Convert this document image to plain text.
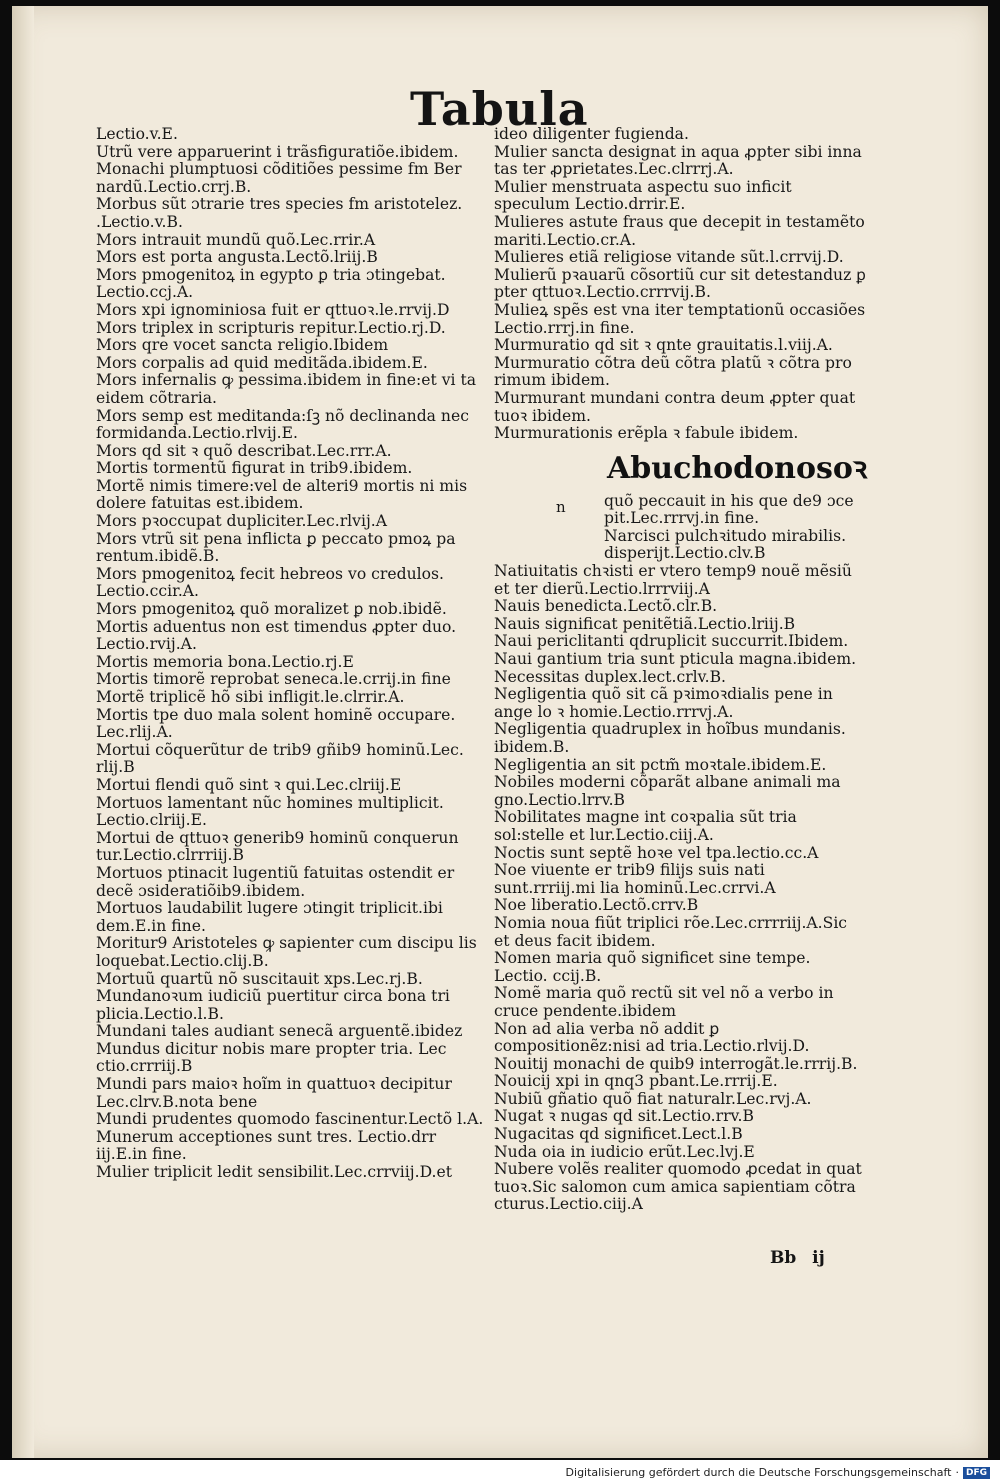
Tabula

Lectio.v.E.

Utrũ vere apparuerint i trãsfiguratiõe.ibidem.

Monachi plumptuosi cõditiões pessime fm Ber nardũ.Lectio.crrj.B.

Morbus sũt ɔtrarie tres species fm aristotelez.

.Lectio.v.B.

Mors intrauit mundũ quõ.Lec.rrir.A

Mors est porta angusta.Lectõ.lriij.B

Mors pmogenitoꝝ in egypto ꝑ tria ɔtingebat. Lectio.ccj.A.

Mors xpi ignominiosa fuit er qttuoꝛ.le.rrvij.D

Mors triplex in scripturis repitur.Lectio.rj.D.

Mors qre vocet sancta religio.Ibidem

Mors corpalis ad quid meditãda.ibidem.E.

Mors infernalis ꝙ pessima.ibidem in fine:et vi ta eidem cõtraria.

Mors semp est meditanda:ſꝫ nõ declinanda nec formidanda.Lectio.rlvij.E.

Mors qd sit ꝛ quõ describat.Lec.rrr.A.

Mortis tormentũ figurat in trib9.ibidem.

Mortẽ nimis timere:vel de alteri9 mortis ni mis dolere fatuitas est.ibidem.

Mors pꝛoccupat dupliciter.Lec.rlvij.A

Mors vtrũ sit pena inflicta ꝑ peccato pmoꝝ pa rentum.ibidẽ.B.

Mors pmogenitoꝝ fecit hebreos vo credulos. Lectio.ccir.A.

Mors pmogenitoꝝ quõ moralizet ꝑ nob.ibidẽ.

Mortis aduentus non est timendus ꝓpter duo. Lectio.rvij.A.

Mortis memoria bona.Lectio.rj.E

Mortis timorẽ reprobat seneca.le.crrij.in fine

Mortẽ triplicẽ hõ sibi infligit.le.clrrir.A.

Mortis tpe duo mala solent hominẽ occupare. Lec.rlij.A.

Mortui cõquerũtur de trib9 gñib9 hominũ.Lec. rlij.B

Mortui flendi quõ sint ꝛ qui.Lec.clriij.E

Mortuos lamentant nũc homines multiplicit. Lectio.clriij.E.

Mortui de qttuoꝛ generib9 hominũ conquerun tur.Lectio.clrrriij.B

Mortuos ptinacit lugentiũ fatuitas ostendit er decẽ ɔsideratiõib9.ibidem.

Mortuos laudabilit lugere ɔtingit triplicit.ibi dem.E.in fine.

Moritur9 Aristoteles ꝙ sapienter cum discipu lis loquebat.Lectio.clij.B.

Mortuũ quartũ nõ suscitauit xps.Lec.rj.B.

Mundanoꝛum iudiciũ puertitur circa bona tri plicia.Lectio.l.B.

Mundani tales audiant senecã arguentẽ.ibidez

Mundus dicitur nobis mare propter tria. Lec ctio.crrriij.B

Mundi pars maioꝛ hoĩm in quattuoꝛ decipitur Lec.clrv.B.nota bene

Mundi prudentes quomodo fascinentur.Lectõ l.A.

Munerum acceptiones sunt tres. Lectio.drr iij.E.in fine.

Mulier triplicit ledit sensibilit.Lec.crrviij.D.et

ideo diligenter fugienda.

Mulier sancta designat in aqua ꝓpter sibi inna tas ter ꝓprietates.Lec.clrrrj.A.

Mulier menstruata aspectu suo inficit speculum Lectio.drrir.E.

Mulieres astute fraus que decepit in testamẽto mariti.Lectio.cr.A.

Mulieres etiã religiose vitande sũt.l.crrvij.D.

Mulierũ pꝛauarũ cõsortiũ cur sit detestanduz ꝑ pter qttuoꝛ.Lectio.crrrvij.B.

Mulieꝝ spẽs est vna iter temptationũ occasiões Lectio.rrrj.in fine.

Murmuratio qd sit ꝛ qnte grauitatis.l.viij.A.

Murmuratio cõtra deũ cõtra platũ ꝛ cõtra pro rimum ibidem.

Murmurant mundani contra deum ꝓpter quat tuoꝛ ibidem.

Murmurationis erẽpla ꝛ fabule ibidem.

Abuchodonosoꝛ
n quõ peccauit in his que de9 ɔce pit.Lec.rrrvj.in fine.

Narcisci pulchꝛitudo mirabilis. disperijt.Lectio.clv.B

Natiuitatis chꝛisti er vtero temp9 nouẽ mẽsiũ et ter dierũ.Lectio.lrrrviij.A

Nauis benedicta.Lectõ.clr.B.

Nauis significat penitẽtiã.Lectio.lriij.B

Naui periclitanti qdruplicit succurrit.Ibidem.

Naui gantium tria sunt pticula magna.ibidem.

Necessitas duplex.lect.crlv.B.

Negligentia quõ sit cã pꝛimoꝛdialis pene in ange lo ꝛ homie.Lectio.rrrvj.A.

Negligentia quadruplex in hoĩbus mundanis. ibidem.B.

Negligentia an sit pctm̃ moꝛtale.ibidem.E.

Nobiles moderni cõparãt albane animali ma gno.Lectio.lrrv.B

Nobilitates magne int coꝛpalia sũt tria sol:stelle et lur.Lectio.ciij.A.

Noctis sunt septẽ hoꝛe vel tpa.lectio.cc.A

Noe viuente er trib9 filijs suis nati sunt.rrriij.mi lia hominũ.Lec.crrvi.A

Noe liberatio.Lectõ.crrv.B

Nomia noua fiũt triplici rõe.Lec.crrrriij.A.Sic et deus facit ibidem.

Nomen maria quõ significet sine tempe. Lectio. ccij.B.

Nomẽ maria quõ rectũ sit vel nõ a verbo in cruce pendente.ibidem

Non ad alia verba nõ addit ꝑ compositionẽz:nisi ad tria.Lectio.rlvij.D.

Nouitij monachi de quib9 interrogãt.le.rrrij.B.

Nouicij xpi in qnq3 pbant.Le.rrrij.E.

Nubiũ gñatio quõ fiat naturalr.Lec.rvj.A.

Nugat ꝛ nugas qd sit.Lectio.rrv.B

Nugacitas qd significet.Lect.l.B

Nuda oia in iudicio erũt.Lec.lvj.E

Nubere volẽs realiter quomodo ꝓcedat in quat tuoꝛ.Sic salomon cum amica sapientiam cõtra cturus.Lectio.ciij.A

Bb ij
Digitalisierung gefördert durch die Deutsche Forschungsgemeinschaft · DFG
